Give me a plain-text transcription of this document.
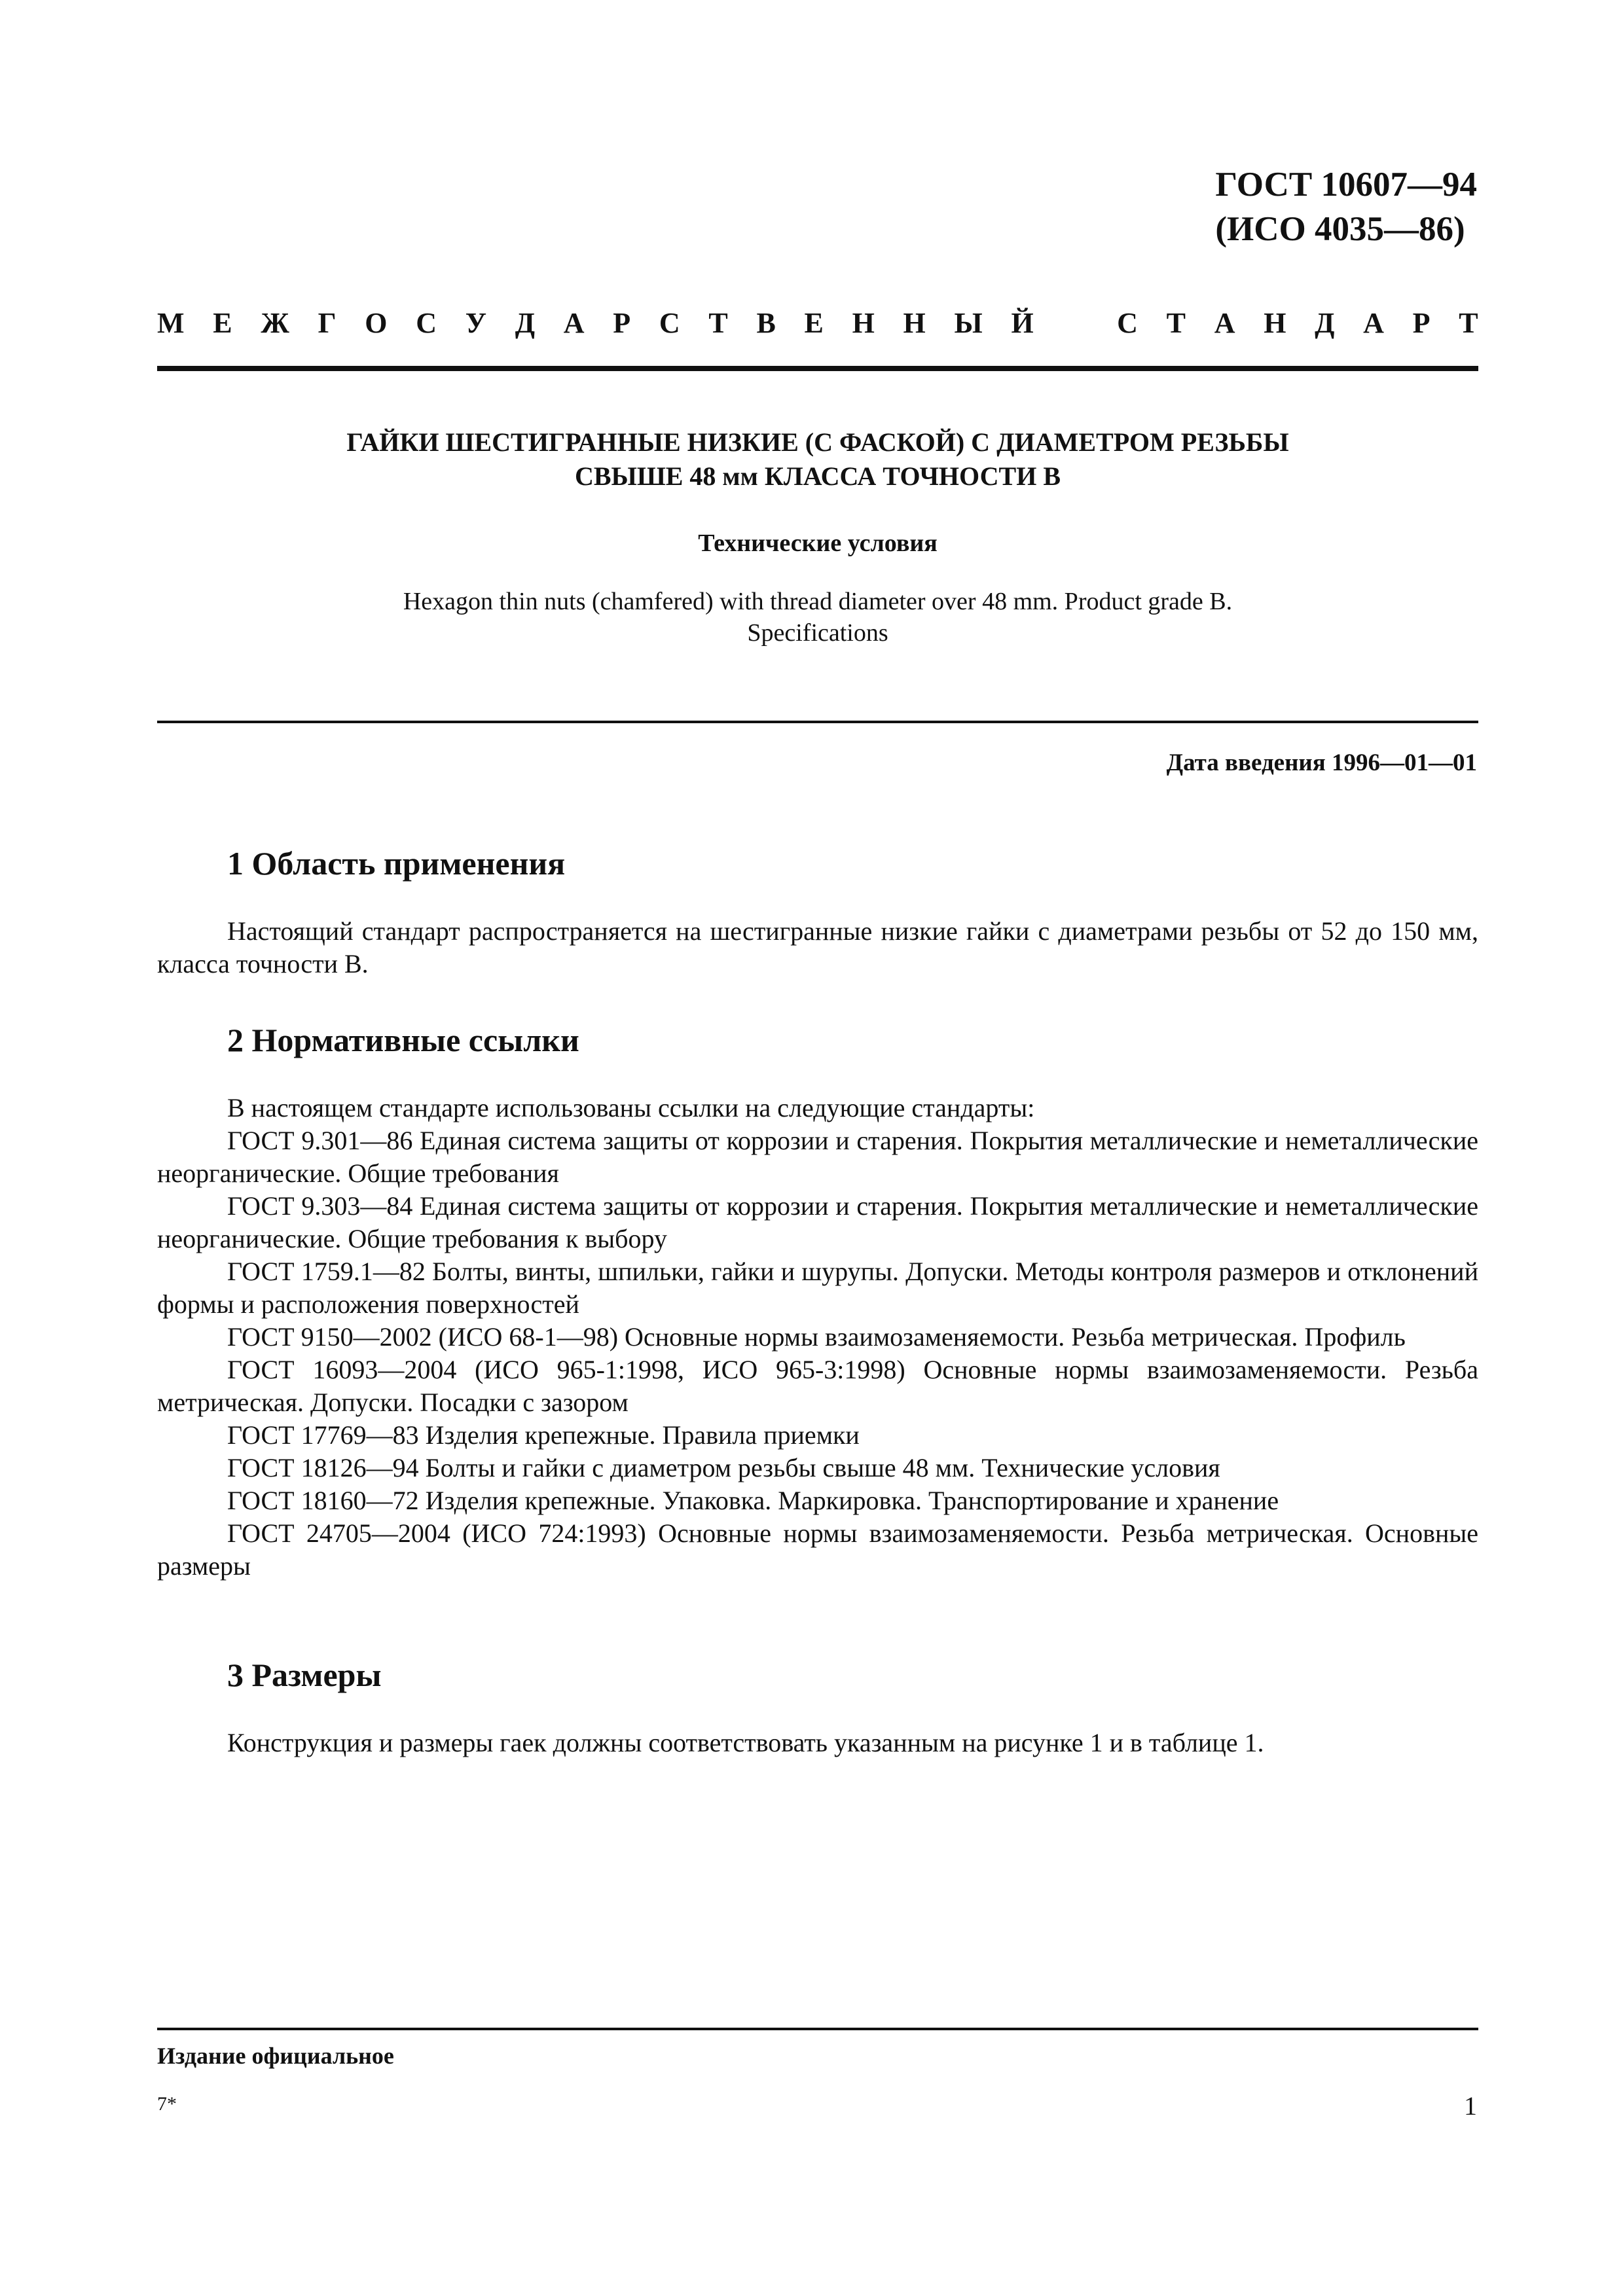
ГОСТ 10607—94
(ИСО 4035—86)
М Е Ж Г О С У Д А Р С Т В Е Н Н Ы Й	С Т А Н Д А Р Т
ГАЙКИ ШЕСТИГРАННЫЕ НИЗКИЕ (С ФАСКОЙ) С ДИАМЕТРОМ РЕЗЬБЫ
СВЫШЕ 48 мм КЛАССА ТОЧНОСТИ В
Технические условия
Hexagon thin nuts (chamfered) with thread diameter over 48 mm. Product grade B.
Specifications
Дата введения 1996—01—01
1 Область применения

Настоящий стандарт распространяется на шестигранные низкие гайки с диаметрами резьбы от 52 до 150 мм, класса точности В.

2 Нормативные ссылки

В настоящем стандарте использованы ссылки на следующие стандарты:

ГОСТ 9.301—86 Единая система защиты от коррозии и старения. Покрытия металлические и неметаллические неорганические. Общие требования

ГОСТ 9.303—84 Единая система защиты от коррозии и старения. Покрытия металлические и неметаллические неорганические. Общие требования к выбору

ГОСТ 1759.1—82 Болты, винты, шпильки, гайки и шурупы. Допуски. Методы контроля размеров и отклонений формы и расположения поверхностей

ГОСТ 9150—2002 (ИСО 68-1—98) Основные нормы взаимозаменяемости. Резьба метрическая. Профиль

ГОСТ 16093—2004 (ИСО 965-1:1998, ИСО 965-3:1998) Основные нормы взаимозаменяемости. Резьба метрическая. Допуски. Посадки с зазором

ГОСТ 17769—83 Изделия крепежные. Правила приемки

ГОСТ 18126—94 Болты и гайки с диаметром резьбы свыше 48 мм. Технические условия

ГОСТ 18160—72 Изделия крепежные. Упаковка. Маркировка. Транспортирование и хранение

ГОСТ 24705—2004 (ИСО 724:1993) Основные нормы взаимозаменяемости. Резьба метрическая. Основные размеры

3 Размеры

Конструкция и размеры гаек должны соответствовать указанным на рисунке 1 и в таблице 1.

Издание официальное
7*	1
